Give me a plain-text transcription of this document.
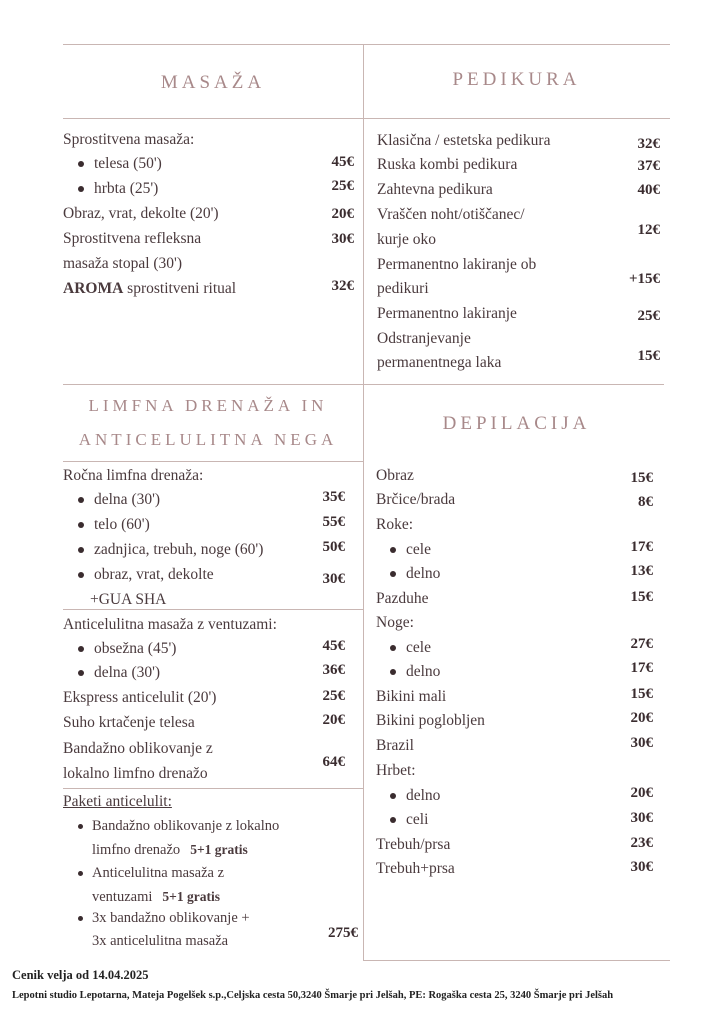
MASAŽA	PEDIKURA
LIMFNA DRENAŽA IN
ANTICELULITNA NEGA
DEPILACIJA
Sprostitvena masaža:
telesa (50')	45€
hrbta (25')	25€
Obraz, vrat, dekolte (20')	20€
Sprostitvena refleksna	30€
masaža stopal (30')
AROMA sprostitveni ritual	32€
Klasična / estetska pedikura	32€
Ruska kombi pedikura	37€
Zahtevna pedikura	40€
Vraščen noht/otiščanec/
kurje oko
12€
Permanentno lakiranje ob
pedikuri
+15€
Permanentno lakiranje	25€
Odstranjevanje
permanentnega laka	15€
Ročna limfna drenaža:
delna (30')	35€
telo (60')	55€
zadnjica, trebuh, noge (60')	50€
obraz, vrat, dekolte	30€
+GUA SHA
Anticelulitna masaža z ventuzami:
obsežna (45')	45€
delna (30')	36€
Ekspress anticelulit (20')	25€
Suho krtačenje telesa	20€
Bandažno oblikovanje z
lokalno limfno drenažo
64€
Obraz	15€
Brčice/brada	8€
Roke:
cele	17€
delno	13€
Pazduhe	15€
Noge:
cele	27€
delno	17€
Bikini mali	15€
Bikini poglobljen	20€
Brazil	30€
Hrbet:
delno	20€
celi	30€
Trebuh/prsa	23€
Trebuh+prsa	30€
Paketi anticelulit:
Bandažno oblikovanje z lokalno
limfno drenažo 5+1 gratis
Anticelulitna masaža z
ventuzami 5+1 gratis
3x bandažno oblikovanje +
3x anticelulitna masaža	275€
Cenik velja od 14.04.2025
Lepotni studio Lepotarna, Mateja Pogelšek s.p.,Celjska cesta 50,3240 Šmarje pri Jelšah, PE: Rogaška cesta 25, 3240 Šmarje pri Jelšah
